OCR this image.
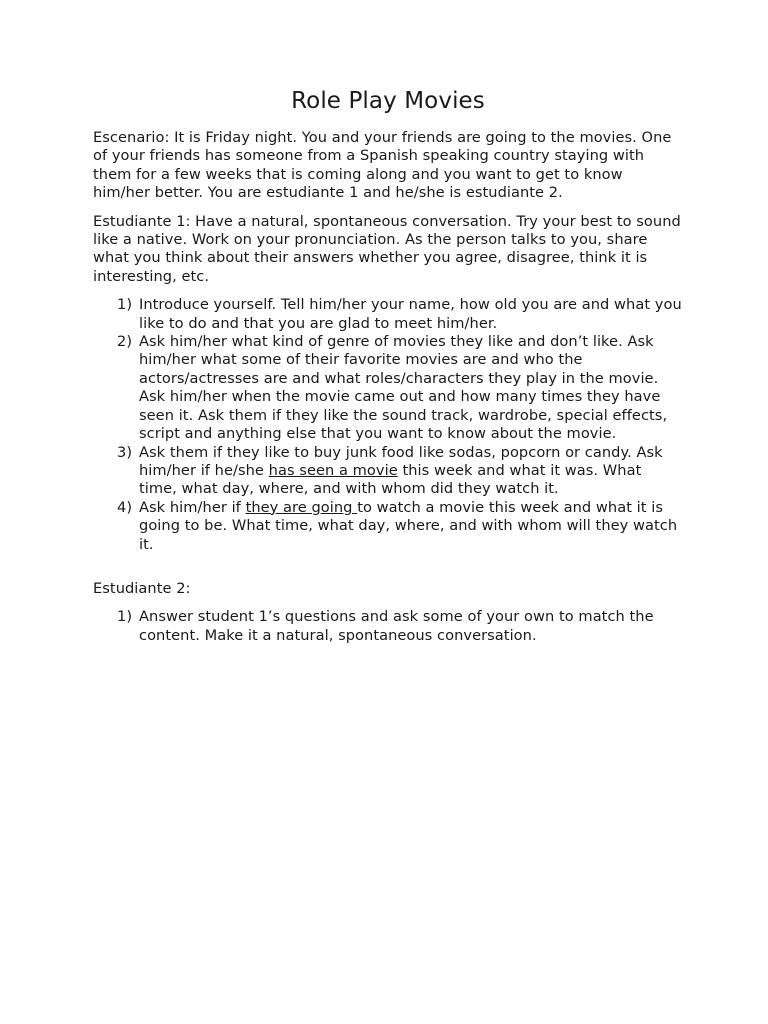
Role Play Movies

Escenario: It is Friday night. You and your friends are going to the movies. One of your friends has someone from a Spanish speaking country staying with them for a few weeks that is coming along and you want to get to know him/her better. You are estudiante 1 and he/she is estudiante 2.

Estudiante 1: Have a natural, spontaneous conversation. Try your best to sound like a native. Work on your pronunciation. As the person talks to you, share what you think about their answers whether you agree, disagree, think it is interesting, etc.

1) Introduce yourself. Tell him/her your name, how old you are and what you like to do and that you are glad to meet him/her.
2) Ask him/her what kind of genre of movies they like and don’t like. Ask him/her what some of their favorite movies are and who the actors/actresses are and what roles/characters they play in the movie. Ask him/her when the movie came out and how many times they have seen it. Ask them if they like the sound track, wardrobe, special effects, script and anything else that you want to know about the movie.
3) Ask them if they like to buy junk food like sodas, popcorn or candy. Ask him/her if he/she has seen a movie this week and what it was. What time, what day, where, and with whom did they watch it.
4) Ask him/her if they are going to watch a movie this week and what it is going to be. What time, what day, where, and with whom will they watch it.

Estudiante 2:

1) Answer student 1’s questions and ask some of your own to match the content. Make it a natural, spontaneous conversation.
